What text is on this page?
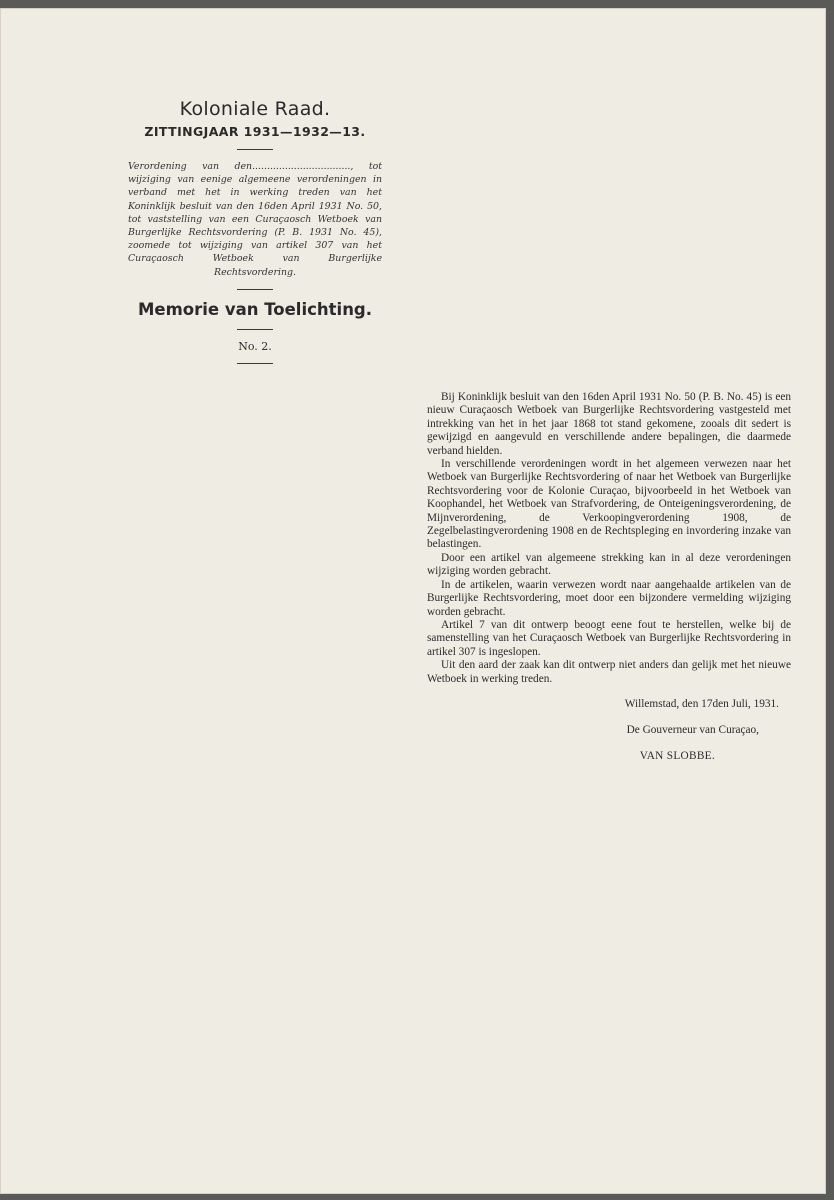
Koloniale Raad.
ZITTINGJAAR 1931—1932—13.
Verordening van den................................., tot wijziging van eenige algemeene verordeningen in verband met het in werking treden van het Koninklijk besluit van den 16den April 1931 No. 50, tot vaststelling van een Curaçaosch Wetboek van Burgerlijke Rechtsvordering (P. B. 1931 No. 45), zoomede tot wijziging van artikel 307 van het Curaçaosch Wetboek van Burgerlijke Rechtsvordering.
Memorie van Toelichting.
No. 2.

Bij Koninklijk besluit van den 16den April 1931 No. 50 (P. B. No. 45) is een nieuw Curaçaosch Wetboek van Burgerlijke Rechtsvordering vastgesteld met intrekking van het in het jaar 1868 tot stand gekomene, zooals dit sedert is gewijzigd en aangevuld en verschillende andere bepalingen, die daarmede verband hielden.

In verschillende verordeningen wordt in het algemeen verwezen naar het Wetboek van Burgerlijke Rechtsvordering of naar het Wetboek van Burgerlijke Rechtsvordering voor de Kolonie Curaçao, bijvoorbeeld in het Wetboek van Koophandel, het Wetboek van Strafvordering, de Onteigeningsverordening, de Mijnverordening, de Verkoopingverordening 1908, de Zegelbelastingverordening 1908 en de Rechtspleging en invordering inzake van belastingen.

Door een artikel van algemeene strekking kan in al deze verordeningen wijziging worden gebracht.

In de artikelen, waarin verwezen wordt naar aangehaalde artikelen van de Burgerlijke Rechtsvordering, moet door een bijzondere vermelding wijziging worden gebracht.

Artikel 7 van dit ontwerp beoogt eene fout te herstellen, welke bij de samenstelling van het Curaçaosch Wetboek van Burgerlijke Rechtsvordering in artikel 307 is ingeslopen.

Uit den aard der zaak kan dit ontwerp niet anders dan gelijk met het nieuwe Wetboek in werking treden.

Willemstad, den 17den Juli, 1931.
De Gouverneur van Curaçao,
VAN SLOBBE.
